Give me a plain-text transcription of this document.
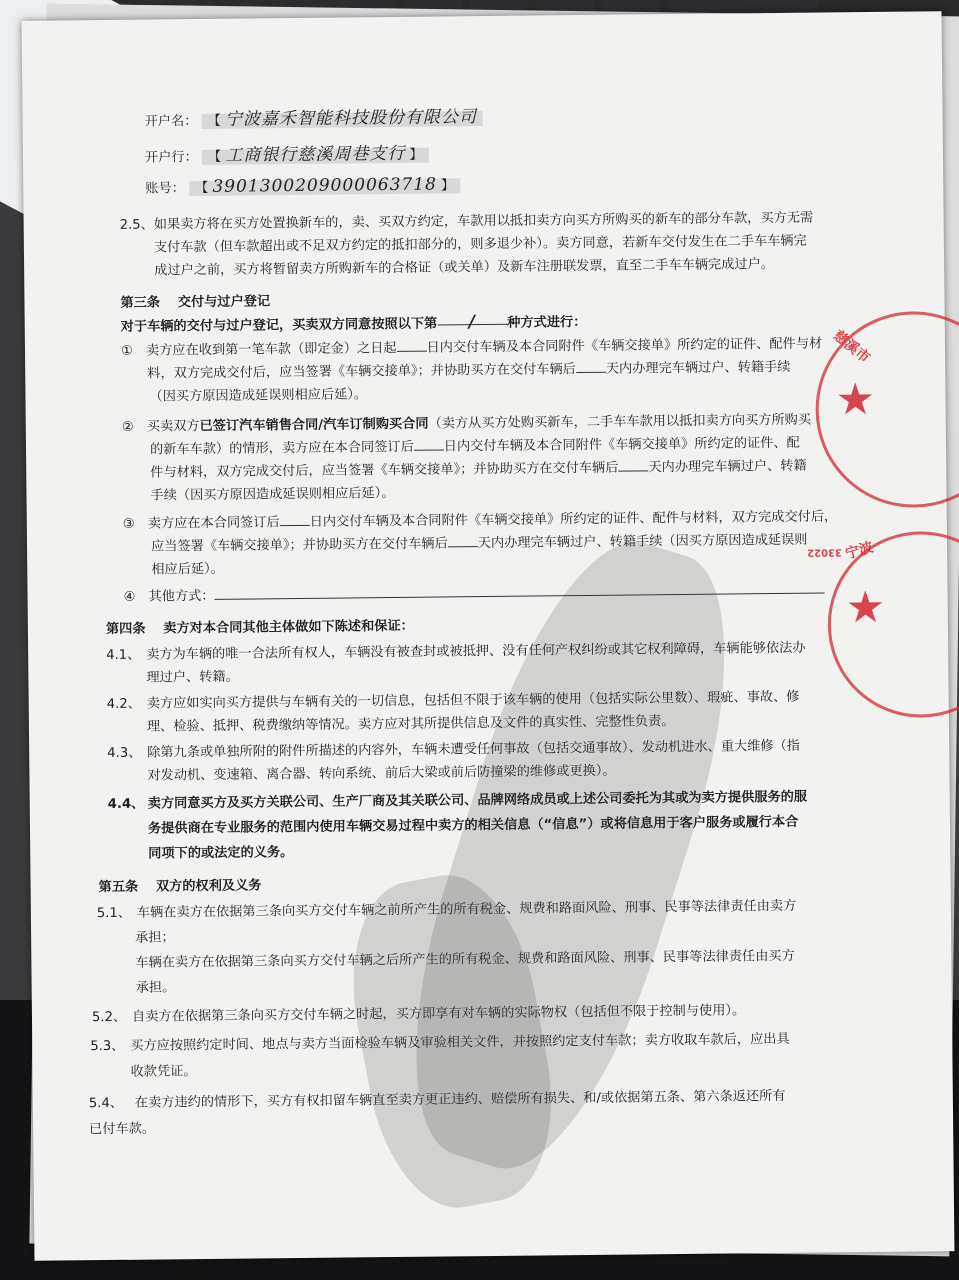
开户名： 【 宁波嘉禾智能科技股份有限公司
开户行： 【 工商银行慈溪周巷支行 】
账号： 【 3901300209000063718 】
2.5、如果卖方将在买方处置换新车的，卖、买双方约定，车款用以抵扣卖方向买方所购买的新车的部分车款，买方无需
支付车款（但车款超出或不足双方约定的抵扣部分的，则多退少补）。卖方同意，若新车交付发生在二手车车辆完
成过户之前，买方将暂留卖方所购新车的合格证（或关单）及新车注册联发票，直至二手车车辆完成过户。
第三条　 交付与过户登记
对于车辆的交付与过户登记，买卖双方同意按照以下第 / 种方式进行：
①　卖方应在收到第一笔车款（即定金）之日起 日内交付车辆及本合同附件《车辆交接单》所约定的证件、配件与材
料，双方完成交付后，应当签署《车辆交接单》；并协助买方在交付车辆后 天内办理完车辆过户、转籍手续
（因买方原因造成延误则相应后延）。
②　买卖双方已签订汽车销售合同/汽车订制购买合同（卖方从买方处购买新车，二手车车款用以抵扣卖方向买方所购买
的新车车款）的情形，卖方应在本合同签订后 日内交付车辆及本合同附件《车辆交接单》所约定的证件、配
件与材料，双方完成交付后，应当签署《车辆交接单》；并协助买方在交付车辆后 天内办理完车辆过户、转籍
手续（因买方原因造成延误则相应后延）。
③　卖方应在本合同签订后 日内交付车辆及本合同附件《车辆交接单》所约定的证件、配件与材料，双方完成交付后，
应当签署《车辆交接单》；并协助买方在交付车辆后 天内办理完车辆过户、转籍手续（因买方原因造成延误则
相应后延）。
④　其他方式：
第四条　 卖方对本合同其他主体做如下陈述和保证：
4.1、 卖方为车辆的唯一合法所有权人，车辆没有被查封或被抵押、没有任何产权纠纷或其它权利障碍，车辆能够依法办
理过户、转籍。
4.2、 卖方应如实向买方提供与车辆有关的一切信息，包括但不限于该车辆的使用（包括实际公里数）、瑕疵、事故、修
理、检验、抵押、税费缴纳等情况。卖方应对其所提供信息及文件的真实性、完整性负责。
4.3、 除第九条或单独所附的附件所描述的内容外，车辆未遭受任何事故（包括交通事故）、发动机进水、重大维修（指
对发动机、变速箱、离合器、转向系统、前后大梁或前后防撞梁的维修或更换）。
4.4、 卖方同意买方及买方关联公司、生产厂商及其关联公司、品牌网络成员或上述公司委托为其或为卖方提供服务的服
务提供商在专业服务的范围内使用车辆交易过程中卖方的相关信息（“信息”）或将信息用于客户服务或履行本合
同项下的或法定的义务。
第五条　 双方的权利及义务
5.1、 车辆在卖方在依据第三条向买方交付车辆之前所产生的所有税金、规费和路面风险、刑事、民事等法律责任由卖方
承担；
车辆在卖方在依据第三条向买方交付车辆之后所产生的所有税金、规费和路面风险、刑事、民事等法律责任由买方
承担。
5.2、 自卖方在依据第三条向买方交付车辆之时起，买方即享有对车辆的实际物权（包括但不限于控制与使用）。
5.3、 买方应按照约定时间、地点与卖方当面检验车辆及审验相关文件，并按照约定支付车款；卖方收取车款后，应出具
收款凭证。
5.4、 在卖方违约的情形下，买方有权扣留车辆直至卖方更正违约、赔偿所有损失、和/或依据第五条、第六条返还所有
已付车款。
★
慈溪市
★
宁波
33022
